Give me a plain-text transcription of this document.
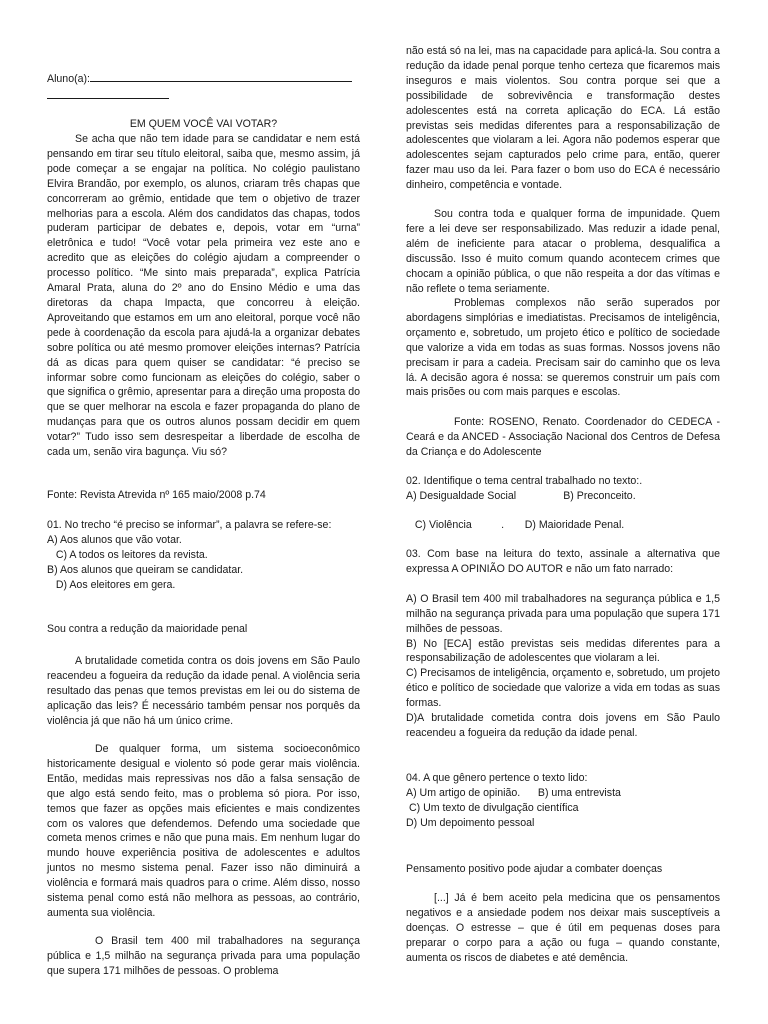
Aluno(a):

EM QUEM VOCÊ VAI VOTAR?

Se acha que não tem idade para se candidatar e nem está pensando em tirar seu título eleitoral, saiba que, mesmo assim, já pode começar a se engajar na política. No colégio paulistano Elvira Brandão, por exemplo, os alunos, criaram três chapas que concorreram ao grêmio, entidade que tem o objetivo de trazer melhorias para a escola. Além dos candidatos das chapas, todos puderam participar de debates e, depois, votar em “urna” eletrônica e tudo! “Você votar pela primeira vez este ano e acredito que as eleições do colégio ajudam a compreender o processo político. “Me sinto mais preparada”, explica Patrícia Amaral Prata, aluna do 2º ano do Ensino Médio e uma das diretoras da chapa Impacta, que concorreu à eleição. Aproveitando que estamos em um ano eleitoral, porque você não pede à coordenação da escola para ajudá-la a organizar debates sobre política ou até mesmo promover eleições internas? Patrícia dá as dicas para quem quiser se candidatar: “é preciso se informar sobre como funcionam as eleições do colégio, saber o que significa o grêmio, apresentar para a direção uma proposta do que se quer melhorar na escola e fazer propaganda do plano de mudanças para que os outros alunos possam decidir em quem votar?” Tudo isso sem desrespeitar a liberdade de escolha de cada um, senão vira bagunça. Viu só?

Fonte: Revista Atrevida nº 165 maio/2008 p.74

01. No trecho “é preciso se informar”, a palavra se refere-se:

A) Aos alunos que vão votar.

C) A todos os leitores da revista.

B) Aos alunos que queiram se candidatar.

D) Aos eleitores em gera.

Sou contra a redução da maioridade penal

A brutalidade cometida contra os dois jovens em São Paulo reacendeu a fogueira da redução da idade penal. A violência seria resultado das penas que temos previstas em lei ou do sistema de aplicação das leis? É necessário também pensar nos porquês da violência já que não há um único crime.

De qualquer forma, um sistema socioeconômico historicamente desigual e violento só pode gerar mais violência. Então, medidas mais repressivas nos dão a falsa sensação de que algo está sendo feito, mas o problema só piora. Por isso, temos que fazer as opções mais eficientes e mais condizentes com os valores que defendemos. Defendo uma sociedade que cometa menos crimes e não que puna mais. Em nenhum lugar do mundo houve experiência positiva de adolescentes e adultos juntos no mesmo sistema penal. Fazer isso não diminuirá a violência e formará mais quadros para o crime. Além disso, nosso sistema penal como está não melhora as pessoas, ao contrário, aumenta sua violência.

O Brasil tem 400 mil trabalhadores na segurança pública e 1,5 milhão na segurança privada para uma população que supera 171 milhões de pessoas. O problema

não está só na lei, mas na capacidade para aplicá-la. Sou contra a redução da idade penal porque tenho certeza que ficaremos mais inseguros e mais violentos. Sou contra porque sei que a possibilidade de sobrevivência e transformação destes adolescentes está na correta aplicação do ECA. Lá estão previstas seis medidas diferentes para a responsabilização de adolescentes que violaram a lei. Agora não podemos esperar que adolescentes sejam capturados pelo crime para, então, querer fazer mau uso da lei. Para fazer o bom uso do ECA é necessário dinheiro, competência e vontade.

Sou contra toda e qualquer forma de impunidade. Quem fere a lei deve ser responsabilizado. Mas reduzir a idade penal, além de ineficiente para atacar o problema, desqualifica a discussão. Isso é muito comum quando acontecem crimes que chocam a opinião pública, o que não respeita a dor das vítimas e não reflete o tema seriamente.

Problemas complexos não serão superados por abordagens simplórias e imediatistas. Precisamos de inteligência, orçamento e, sobretudo, um projeto ético e político de sociedade que valorize a vida em todas as suas formas. Nossos jovens não precisam ir para a cadeia. Precisam sair do caminho que os leva lá. A decisão agora é nossa: se queremos construir um país com mais prisões ou com mais parques e escolas.

Fonte: ROSENO, Renato. Coordenador do CEDECA - Ceará e da ANCED - Associação Nacional dos Centros de Defesa da Criança e do Adolescente

02. Identifique o tema central trabalhado no texto:.

A) Desigualdade Social                B) Preconceito.

C) Violência          .       D) Maioridade Penal.

03. Com base na leitura do texto, assinale a alternativa que expressa A OPINIÃO DO AUTOR e não um fato narrado:

A) O Brasil tem 400 mil trabalhadores na segurança pública e 1,5 milhão na segurança privada para uma população que supera 171 milhões de pessoas.

B) No [ECA] estão previstas seis medidas diferentes para a responsabilização de adolescentes que violaram a lei.

C) Precisamos de inteligência, orçamento e, sobretudo, um projeto ético e político de sociedade que valorize a vida em todas as suas formas.

D)A brutalidade cometida contra dois jovens em São Paulo reacendeu a fogueira da redução da idade penal.

04. A que gênero pertence o texto lido:

A) Um artigo de opinião.      B) uma entrevista

C) Um texto de divulgação científica

D) Um depoimento pessoal

Pensamento positivo pode ajudar a combater doenças

[...] Já é bem aceito pela medicina que os pensamentos negativos e a ansiedade podem nos deixar mais susceptíveis a doenças. O estresse – que é útil em pequenas doses para preparar o corpo para a ação ou fuga – quando constante, aumenta os riscos de diabetes e até demência.
